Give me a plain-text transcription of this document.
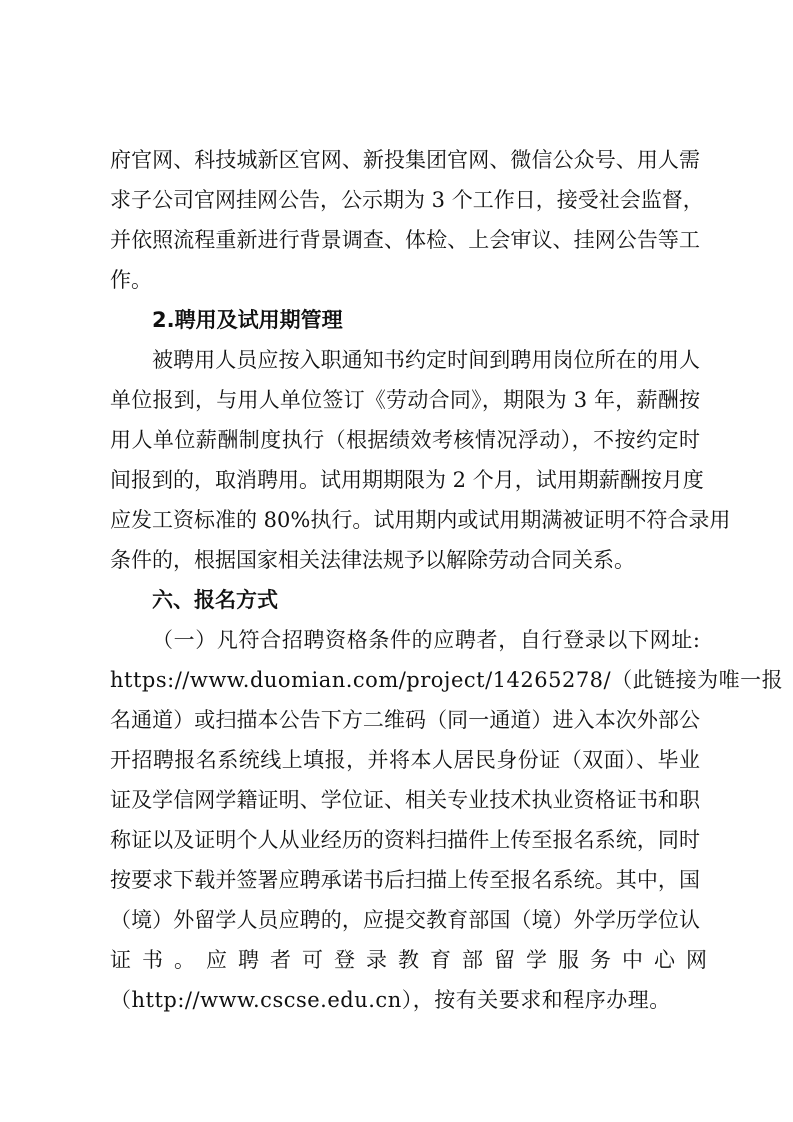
府官网、科技城新区官网、新投集团官网、微信公众号、用人需
求子公司官网挂网公告，公示期为 3 个工作日，接受社会监督，
并依照流程重新进行背景调查、体检、上会审议、挂网公告等工
作。
2.聘用及试用期管理
被聘用人员应按入职通知书约定时间到聘用岗位所在的用人
单位报到，与用人单位签订《劳动合同》，期限为 3 年，薪酬按
用人单位薪酬制度执行（根据绩效考核情况浮动），不按约定时
间报到的，取消聘用。试用期期限为 2 个月，试用期薪酬按月度
应发工资标准的 80%执行。试用期内或试用期满被证明不符合录用
条件的，根据国家相关法律法规予以解除劳动合同关系。
六、报名方式
（一）凡符合招聘资格条件的应聘者，自行登录以下网址:
https://www.duomian.com/project/14265278/（此链接为唯一报
名通道）或扫描本公告下方二维码（同一通道）进入本次外部公
开招聘报名系统线上填报，并将本人居民身份证（双面）、毕业
证及学信网学籍证明、学位证、相关专业技术执业资格证书和职
称证以及证明个人从业经历的资料扫描件上传至报名系统，同时
按要求下载并签署应聘承诺书后扫描上传至报名系统。其中，国
（境）外留学人员应聘的，应提交教育部国（境）外学历学位认
证书。应聘者可登录教育部留学服务中心网
（http://www.cscse.edu.cn），按有关要求和程序办理。
